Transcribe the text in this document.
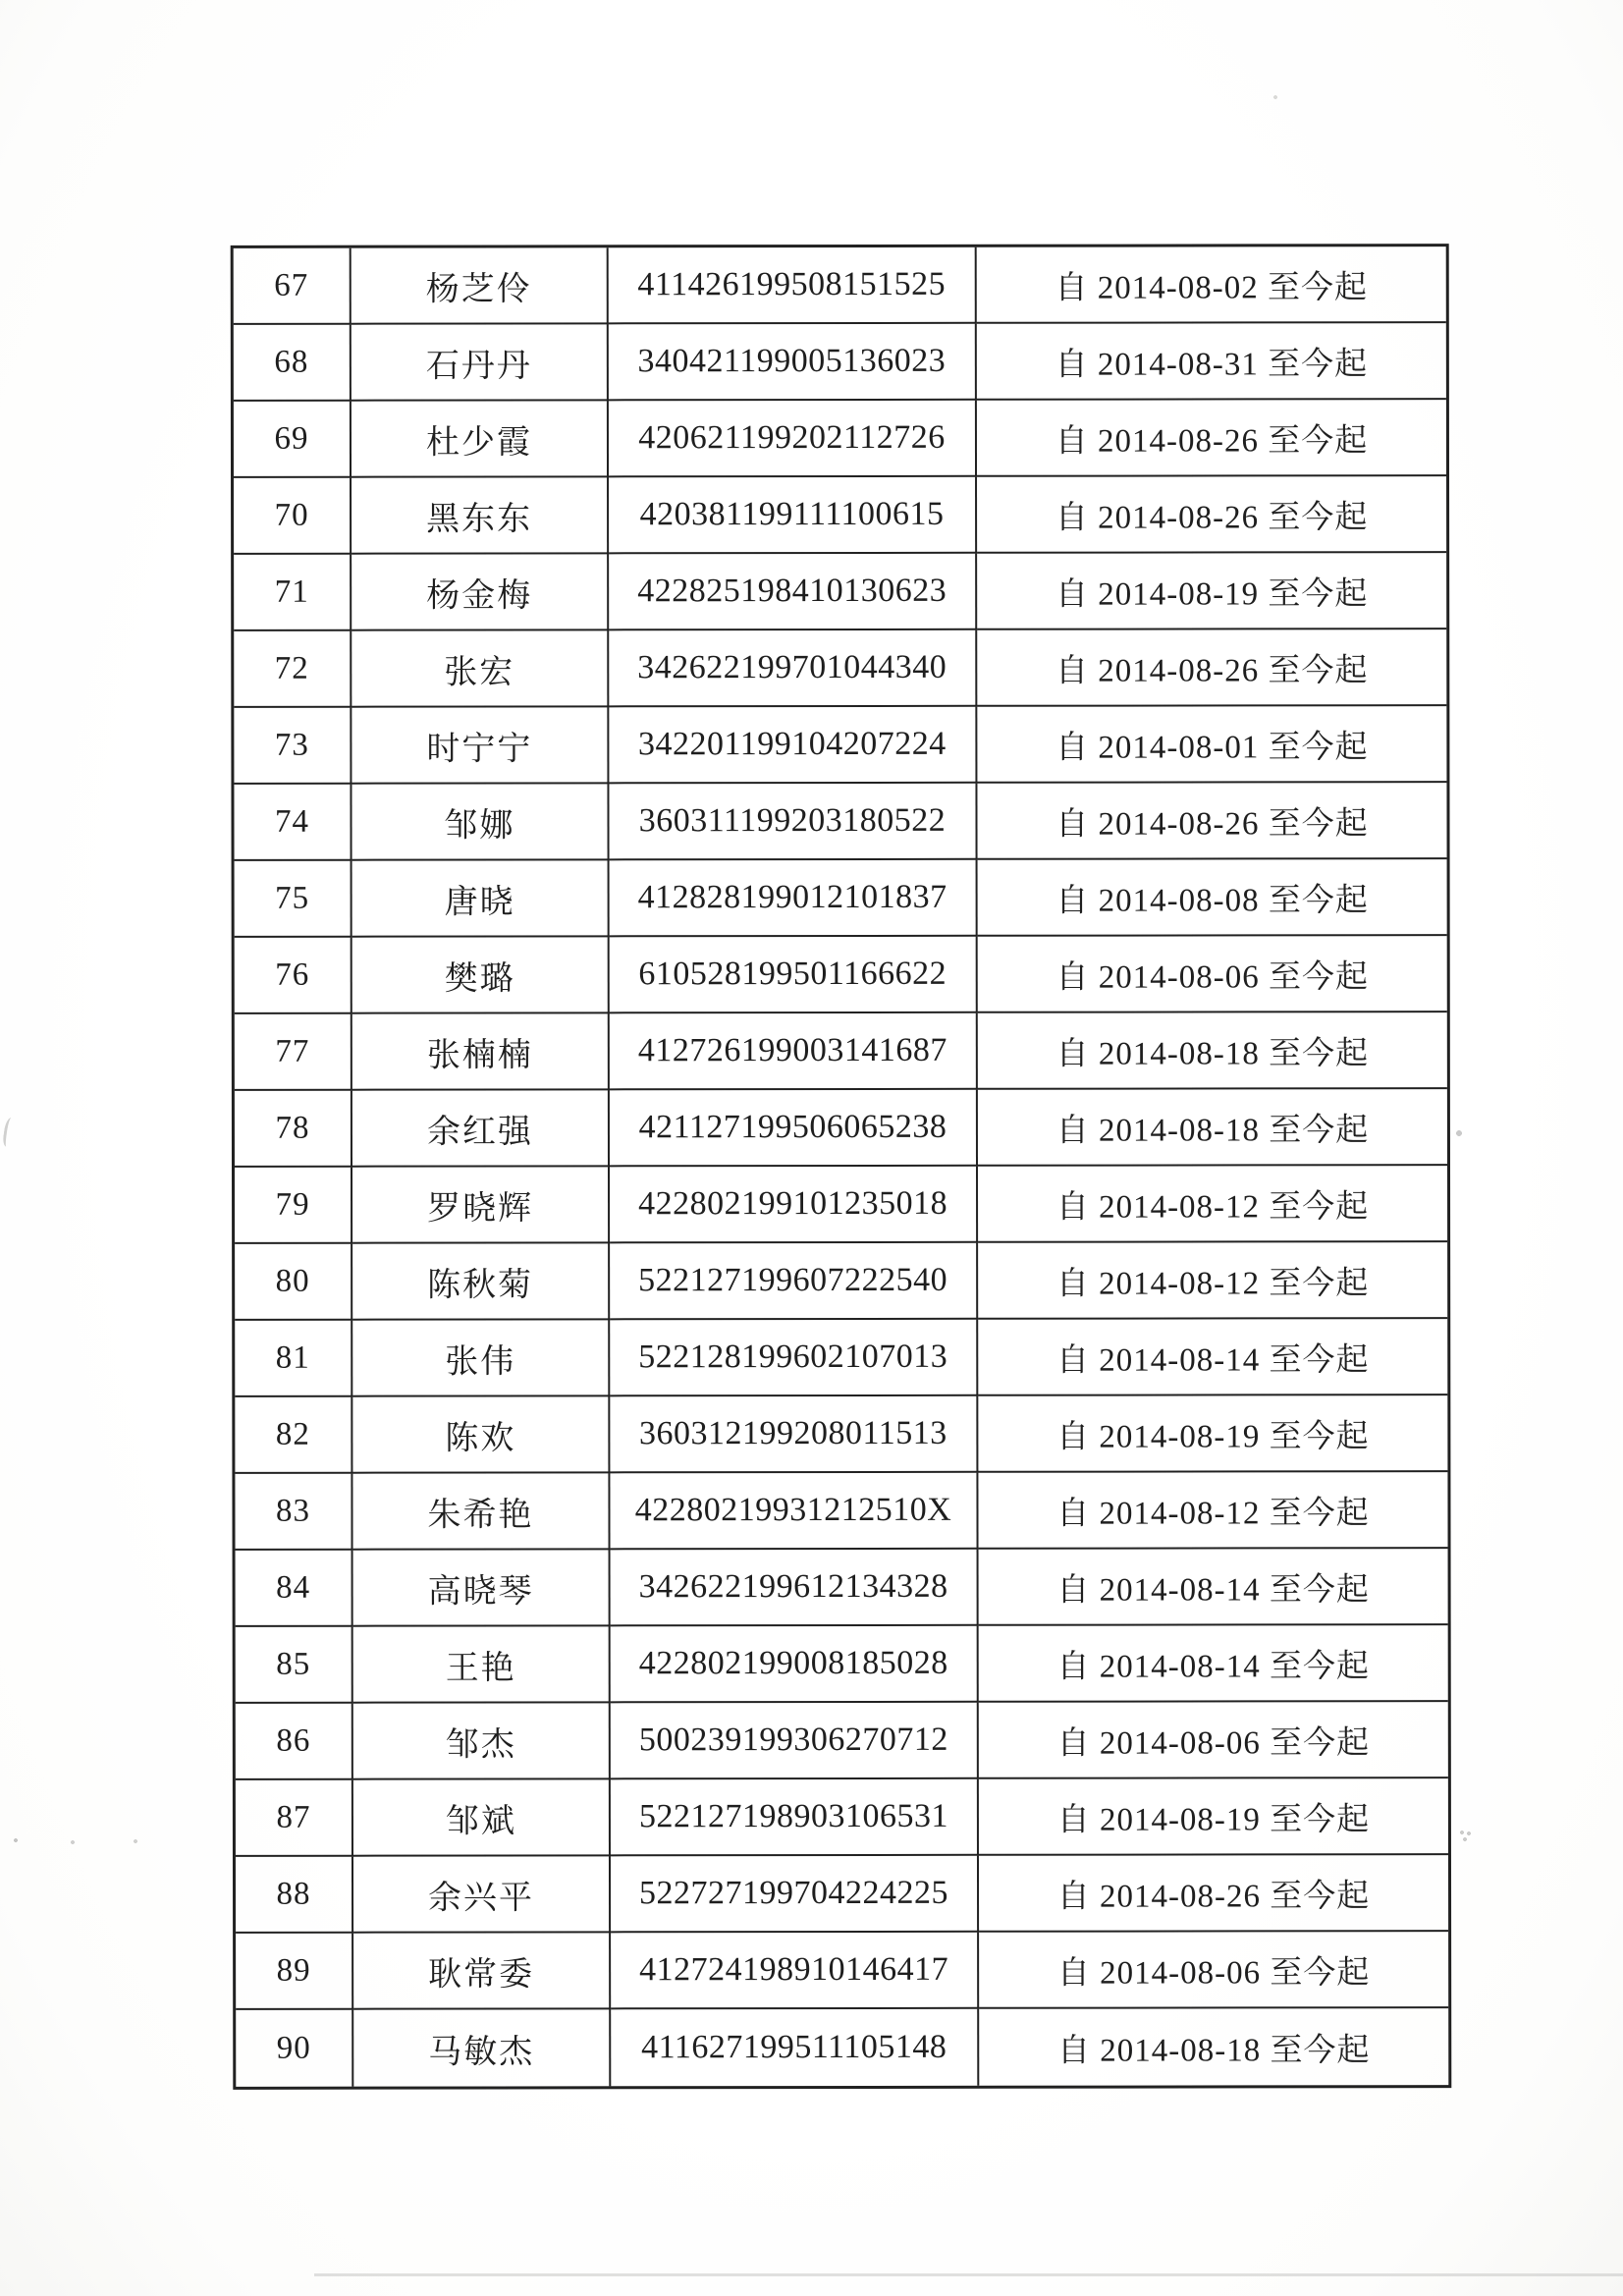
67	杨芝伶	411426199508151525	自 2014-08-02 至今起
68	石丹丹	340421199005136023	自 2014-08-31 至今起
69	杜少霞	420621199202112726	自 2014-08-26 至今起
70	黑东东	420381199111100615	自 2014-08-26 至今起
71	杨金梅	422825198410130623	自 2014-08-19 至今起
72	张宏	342622199701044340	自 2014-08-26 至今起
73	时宁宁	342201199104207224	自 2014-08-01 至今起
74	邹娜	360311199203180522	自 2014-08-26 至今起
75	唐晓	412828199012101837	自 2014-08-08 至今起
76	樊璐	610528199501166622	自 2014-08-06 至今起
77	张楠楠	412726199003141687	自 2014-08-18 至今起
78	余红强	421127199506065238	自 2014-08-18 至今起
79	罗晓辉	422802199101235018	自 2014-08-12 至今起
80	陈秋菊	522127199607222540	自 2014-08-12 至今起
81	张伟	522128199602107013	自 2014-08-14 至今起
82	陈欢	360312199208011513	自 2014-08-19 至今起
83	朱希艳	42280219931212510X	自 2014-08-12 至今起
84	高晓琴	342622199612134328	自 2014-08-14 至今起
85	王艳	422802199008185028	自 2014-08-14 至今起
86	邹杰	500239199306270712	自 2014-08-06 至今起
87	邹斌	522127198903106531	自 2014-08-19 至今起
88	余兴平	522727199704224225	自 2014-08-26 至今起
89	耿常委	412724198910146417	自 2014-08-06 至今起
90	马敏杰	411627199511105148	自 2014-08-18 至今起
